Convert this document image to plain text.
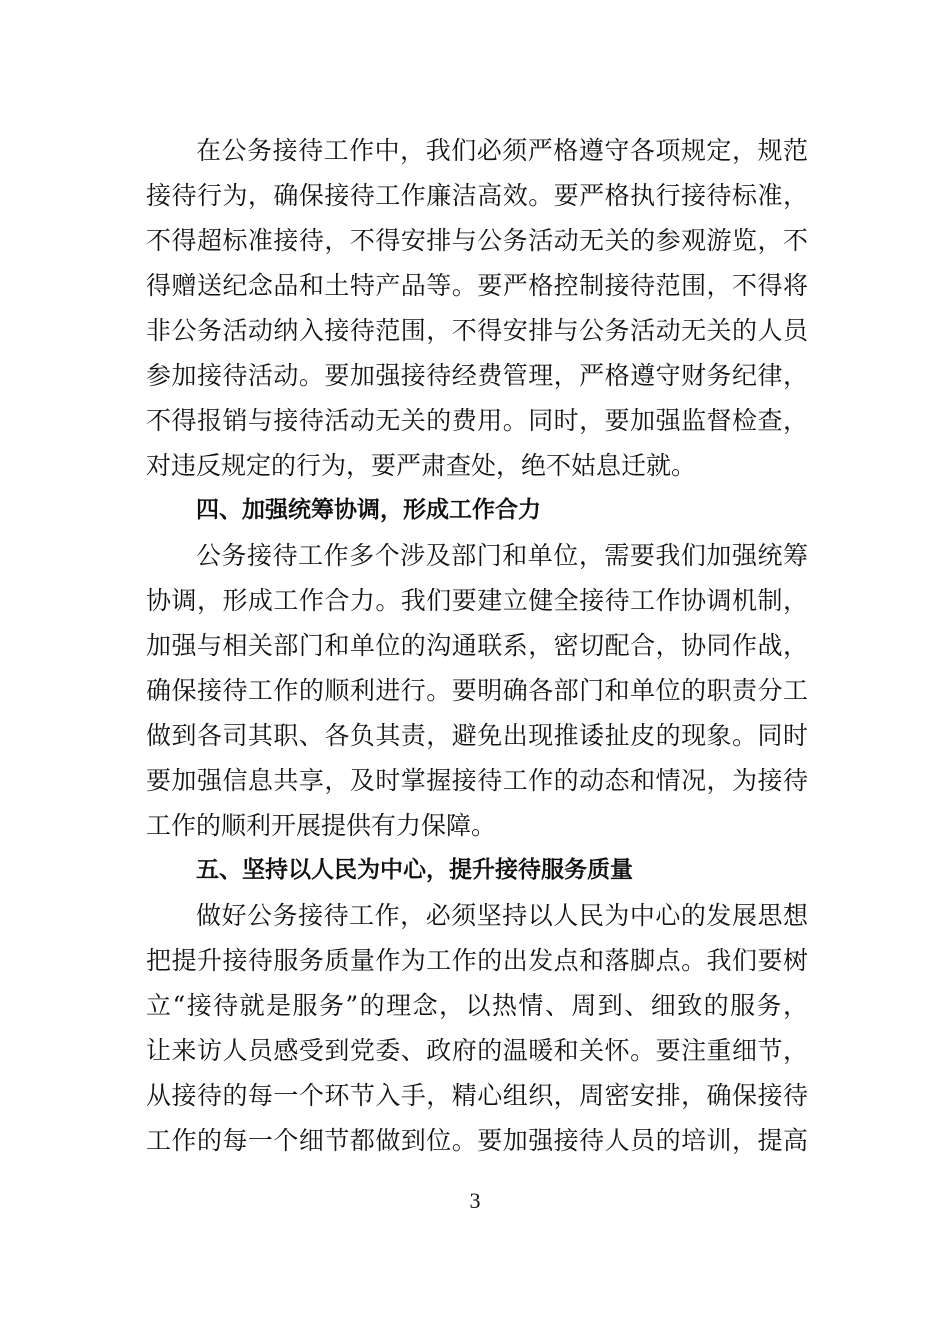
在公务接待工作中，我们必须严格遵守各项规定，规范
接待行为，确保接待工作廉洁高效。要严格执行接待标准，
不得超标准接待，不得安排与公务活动无关的参观游览，不
得赠送纪念品和土特产品等。要严格控制接待范围，不得将
非公务活动纳入接待范围，不得安排与公务活动无关的人员
参加接待活动。要加强接待经费管理，严格遵守财务纪律，
不得报销与接待活动无关的费用。同时，要加强监督检查，
对违反规定的行为，要严肃查处，绝不姑息迁就。
四、加强统筹协调，形成工作合力
公务接待工作多个涉及部门和单位，需要我们加强统筹
协调，形成工作合力。我们要建立健全接待工作协调机制，
加强与相关部门和单位的沟通联系，密切配合，协同作战，
确保接待工作的顺利进行。要明确各部门和单位的职责分工
做到各司其职、各负其责，避免出现推诿扯皮的现象。同时
要加强信息共享，及时掌握接待工作的动态和情况，为接待
工作的顺利开展提供有力保障。
五、坚持以人民为中心，提升接待服务质量
做好公务接待工作，必须坚持以人民为中心的发展思想
把提升接待服务质量作为工作的出发点和落脚点。我们要树
立“接待就是服务”的理念，以热情、周到、细致的服务，
让来访人员感受到党委、政府的温暖和关怀。要注重细节，
从接待的每一个环节入手，精心组织，周密安排，确保接待
工作的每一个细节都做到位。要加强接待人员的培训，提高
3
